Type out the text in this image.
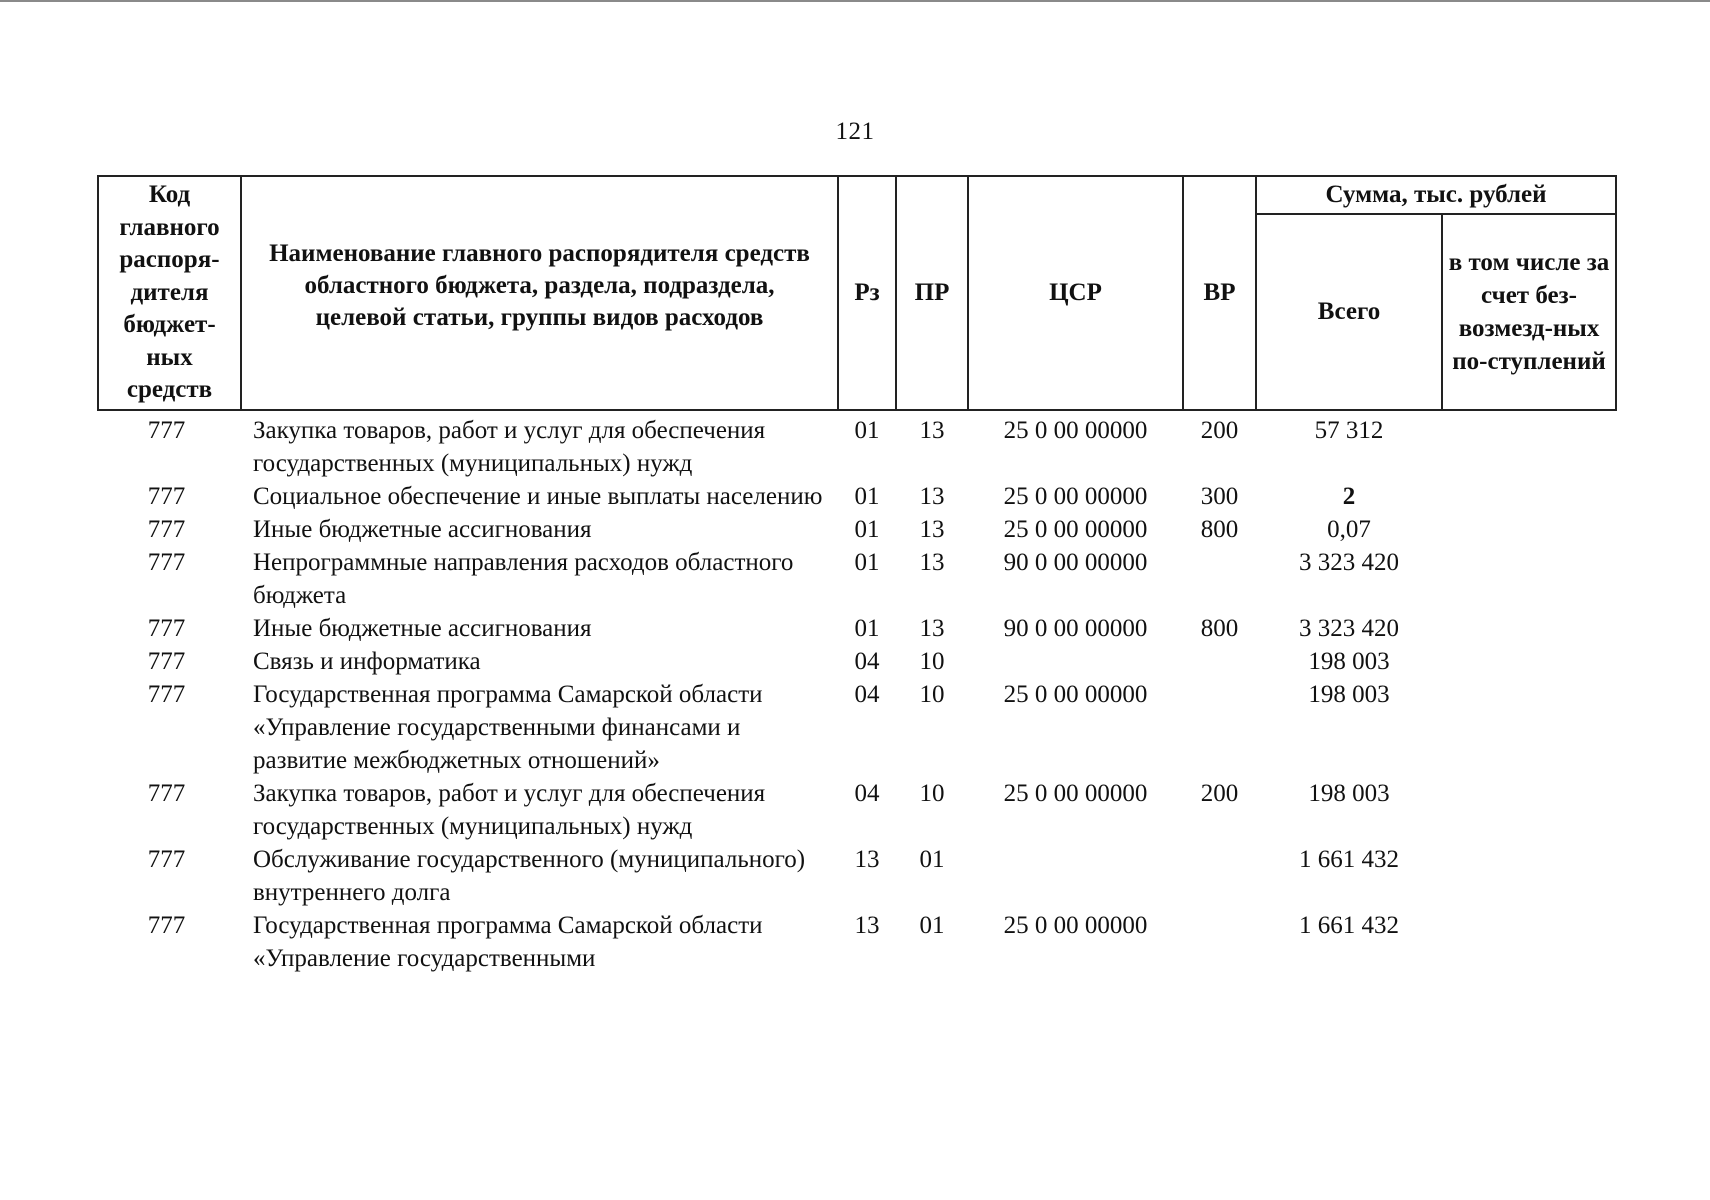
121
Код главного распоря-дителя бюджет-ных средств	Наименование главного распорядителя средств областного бюджета, раздела, подраздела, целевой статьи, группы видов расходов	Рз	ПР	ЦСР	ВР	Сумма, тыс. рублей	
						Всего	в том числе за счет без-возмезд-ных по-ступлений
777	Закупка товаров, работ и услуг для обеспечения государственных (муниципальных) нужд	01	13	25 0 00 00000	200	57 312	
777	Социальное обеспечение и иные выплаты населению	01	13	25 0 00 00000	300	2	
777	Иные бюджетные ассигнования	01	13	25 0 00 00000	800	0,07	
777	Непрограммные направления расходов областного бюджета	01	13	90 0 00 00000		3 323 420	
777	Иные бюджетные ассигнования	01	13	90 0 00 00000	800	3 323 420	
777	Связь и информатика	04	10			198 003	
777	Государственная программа Самарской области «Управление государственными финансами и развитие межбюджетных отношений»	04	10	25 0 00 00000		198 003	
777	Закупка товаров, работ и услуг для обеспечения государственных (муниципальных) нужд	04	10	25 0 00 00000	200	198 003	
777	Обслуживание государственного (муниципального) внутреннего долга	13	01			1 661 432	
777	Государственная программа Самарской области «Управление государственными	13	01	25 0 00 00000		1 661 432	
